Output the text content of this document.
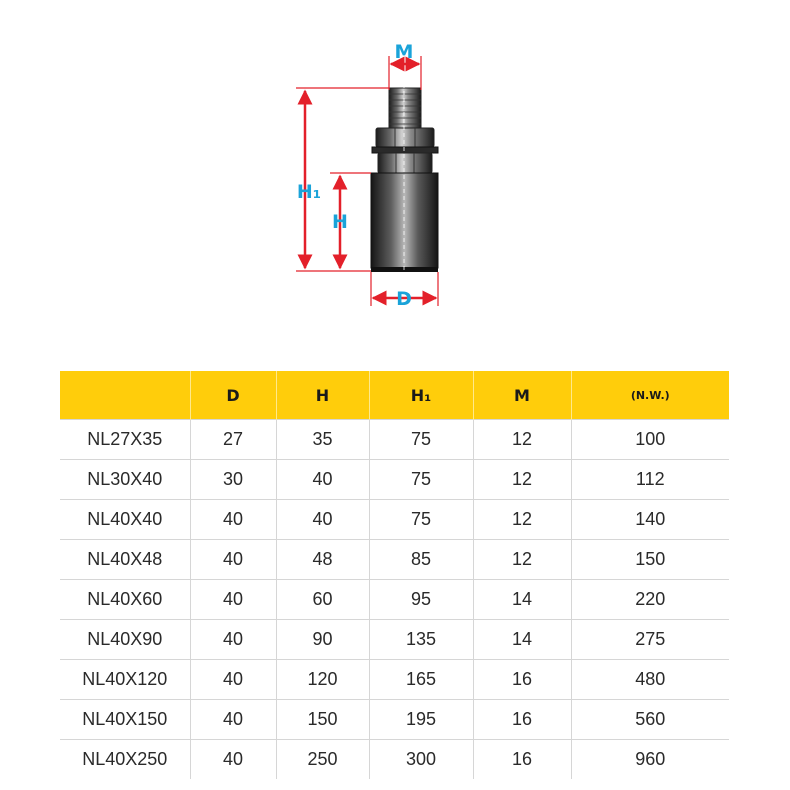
M
H₁
H
D
	D	H	H₁	M	(N.W.)
NL27X35	27	35	75	12	100
NL30X40	30	40	75	12	112
NL40X40	40	40	75	12	140
NL40X48	40	48	85	12	150
NL40X60	40	60	95	14	220
NL40X90	40	90	135	14	275
NL40X120	40	120	165	16	480
NL40X150	40	150	195	16	560
NL40X250	40	250	300	16	960
